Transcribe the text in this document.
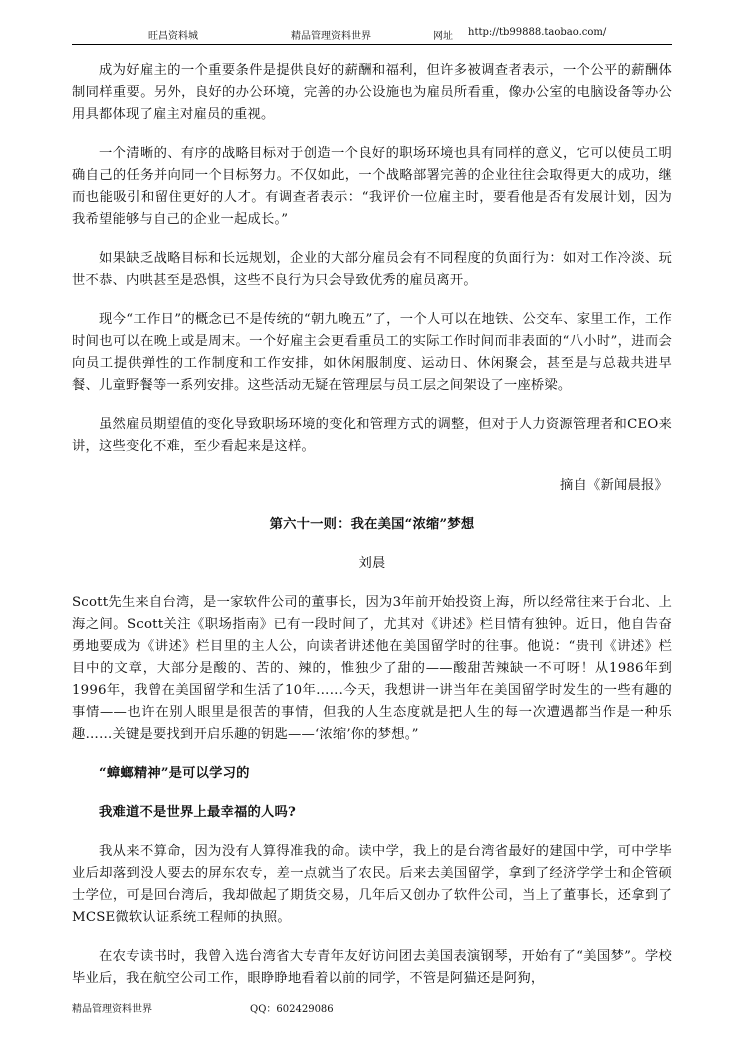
旺昌资料城	精品管理资料世界	网址 http://tb99888.taobao.com/

成为好雇主的一个重要条件是提供良好的薪酬和福利，但许多被调查者表示，一个公平的薪酬体制同样重要。另外，良好的办公环境，完善的办公设施也为雇员所看重，像办公室的电脑设备等办公用具都体现了雇主对雇员的重视。

一个清晰的、有序的战略目标对于创造一个良好的职场环境也具有同样的意义，它可以使员工明确自己的任务并向同一个目标努力。不仅如此，一个战略部署完善的企业往往会取得更大的成功，继而也能吸引和留住更好的人才。有调查者表示：“我评价一位雇主时，要看他是否有发展计划，因为我希望能够与自己的企业一起成长。”

如果缺乏战略目标和长远规划，企业的大部分雇员会有不同程度的负面行为：如对工作冷淡、玩世不恭、内哄甚至是恐惧，这些不良行为只会导致优秀的雇员离开。

现今“工作日”的概念已不是传统的“朝九晚五”了，一个人可以在地铁、公交车、家里工作，工作时间也可以在晚上或是周末。一个好雇主会更看重员工的实际工作时间而非表面的“八小时”，进而会向员工提供弹性的工作制度和工作安排，如休闲服制度、运动日、休闲聚会，甚至是与总裁共进早餐、儿童野餐等一系列安排。这些活动无疑在管理层与员工层之间架设了一座桥梁。

虽然雇员期望值的变化导致职场环境的变化和管理方式的调整，但对于人力资源管理者和CEO来讲，这些变化不难，至少看起来是这样。

摘自《新闻晨报》

第六十一则：我在美国“浓缩”梦想

刘晨

Scott先生来自台湾，是一家软件公司的董事长，因为3年前开始投资上海，所以经常往来于台北、上海之间。Scott关注《职场指南》已有一段时间了，尤其对《讲述》栏目情有独钟。近日，他自告奋勇地要成为《讲述》栏目里的主人公，向读者讲述他在美国留学时的往事。他说：“贵刊《讲述》栏目中的文章，大部分是酸的、苦的、辣的，惟独少了甜的——酸甜苦辣缺一不可呀！从1986年到1996年，我曾在美国留学和生活了10年……今天，我想讲一讲当年在美国留学时发生的一些有趣的事情——也许在别人眼里是很苦的事情，但我的人生态度就是把人生的每一次遭遇都当作是一种乐趣……关键是要找到开启乐趣的钥匙——‘浓缩’你的梦想。”

“蟑螂精神”是可以学习的

我难道不是世界上最幸福的人吗?

我从来不算命，因为没有人算得准我的命。读中学，我上的是台湾省最好的建国中学，可中学毕业后却落到没人要去的屏东农专，差一点就当了农民。后来去美国留学，拿到了经济学学士和企管硕士学位，可是回台湾后，我却做起了期货交易，几年后又创办了软件公司，当上了董事长，还拿到了MCSE微软认证系统工程师的执照。

在农专读书时，我曾入选台湾省大专青年友好访问团去美国表演钢琴，开始有了“美国梦”。学校毕业后，我在航空公司工作，眼睁睁地看着以前的同学，不管是阿猫还是阿狗，

精品管理资料世界	QQ：602429086
